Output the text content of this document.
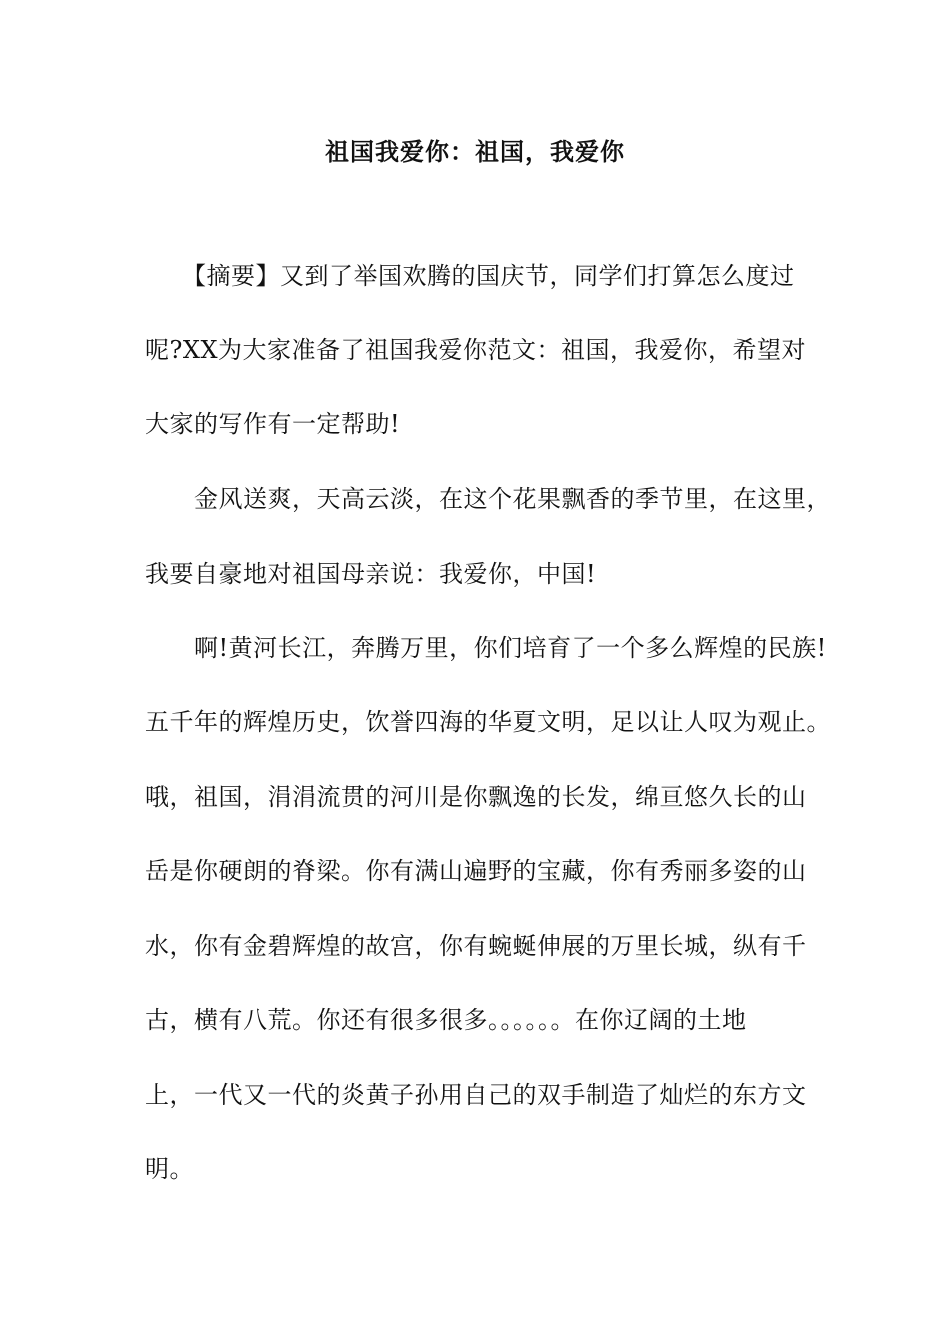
祖国我爱你：祖国，我爱你
　　【摘要】又到了举国欢腾的国庆节，同学们打算怎么度过
呢?XX为大家准备了祖国我爱你范文：祖国，我爱你，希望对
大家的写作有一定帮助!
　　金风送爽，天高云淡，在这个花果飘香的季节里，在这里，
我要自豪地对祖国母亲说：我爱你，中国!
　　啊!黄河长江，奔腾万里，你们培育了一个多么辉煌的民族!
五千年的辉煌历史，饮誉四海的华夏文明，足以让人叹为观止。
哦，祖国，涓涓流贯的河川是你飘逸的长发，绵亘悠久长的山
岳是你硬朗的脊梁。你有满山遍野的宝藏，你有秀丽多姿的山
水，你有金碧辉煌的故宫，你有蜿蜒伸展的万里长城，纵有千
古，横有八荒。你还有很多很多。。。。。。在你辽阔的土地
上，一代又一代的炎黄子孙用自己的双手制造了灿烂的东方文
明。
